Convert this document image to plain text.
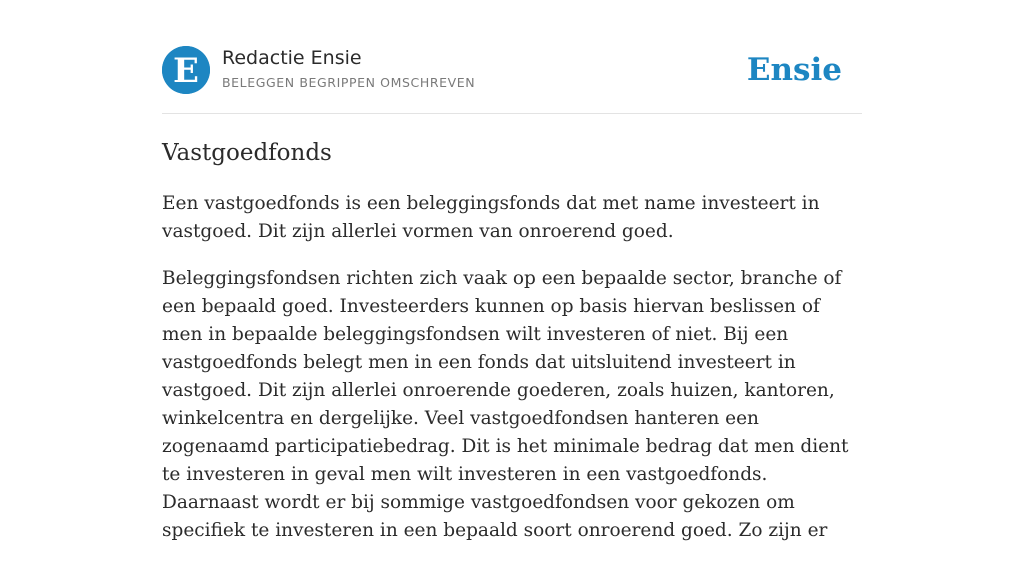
E Redactie Ensie
BELEGGEN BEGRIPPEN OMSCHREVEN	Ensie
Vastgoedfonds

Een vastgoedfonds is een beleggingsfonds dat met name investeert in vastgoed. Dit zijn allerlei vormen van onroerend goed.

Beleggingsfondsen richten zich vaak op een bepaalde sector, branche of een bepaald goed. Investeerders kunnen op basis hiervan beslissen of men in bepaalde beleggingsfondsen wilt investeren of niet. Bij een vastgoedfonds belegt men in een fonds dat uitsluitend investeert in vastgoed. Dit zijn allerlei onroerende goederen, zoals huizen, kantoren, winkelcentra en dergelijke. Veel vastgoedfondsen hanteren een zogenaamd participatiebedrag. Dit is het minimale bedrag dat men dient te investeren in geval men wilt investeren in een vastgoedfonds. Daarnaast wordt er bij sommige vastgoedfondsen voor gekozen om specifiek te investeren in een bepaald soort onroerend goed. Zo zijn er
